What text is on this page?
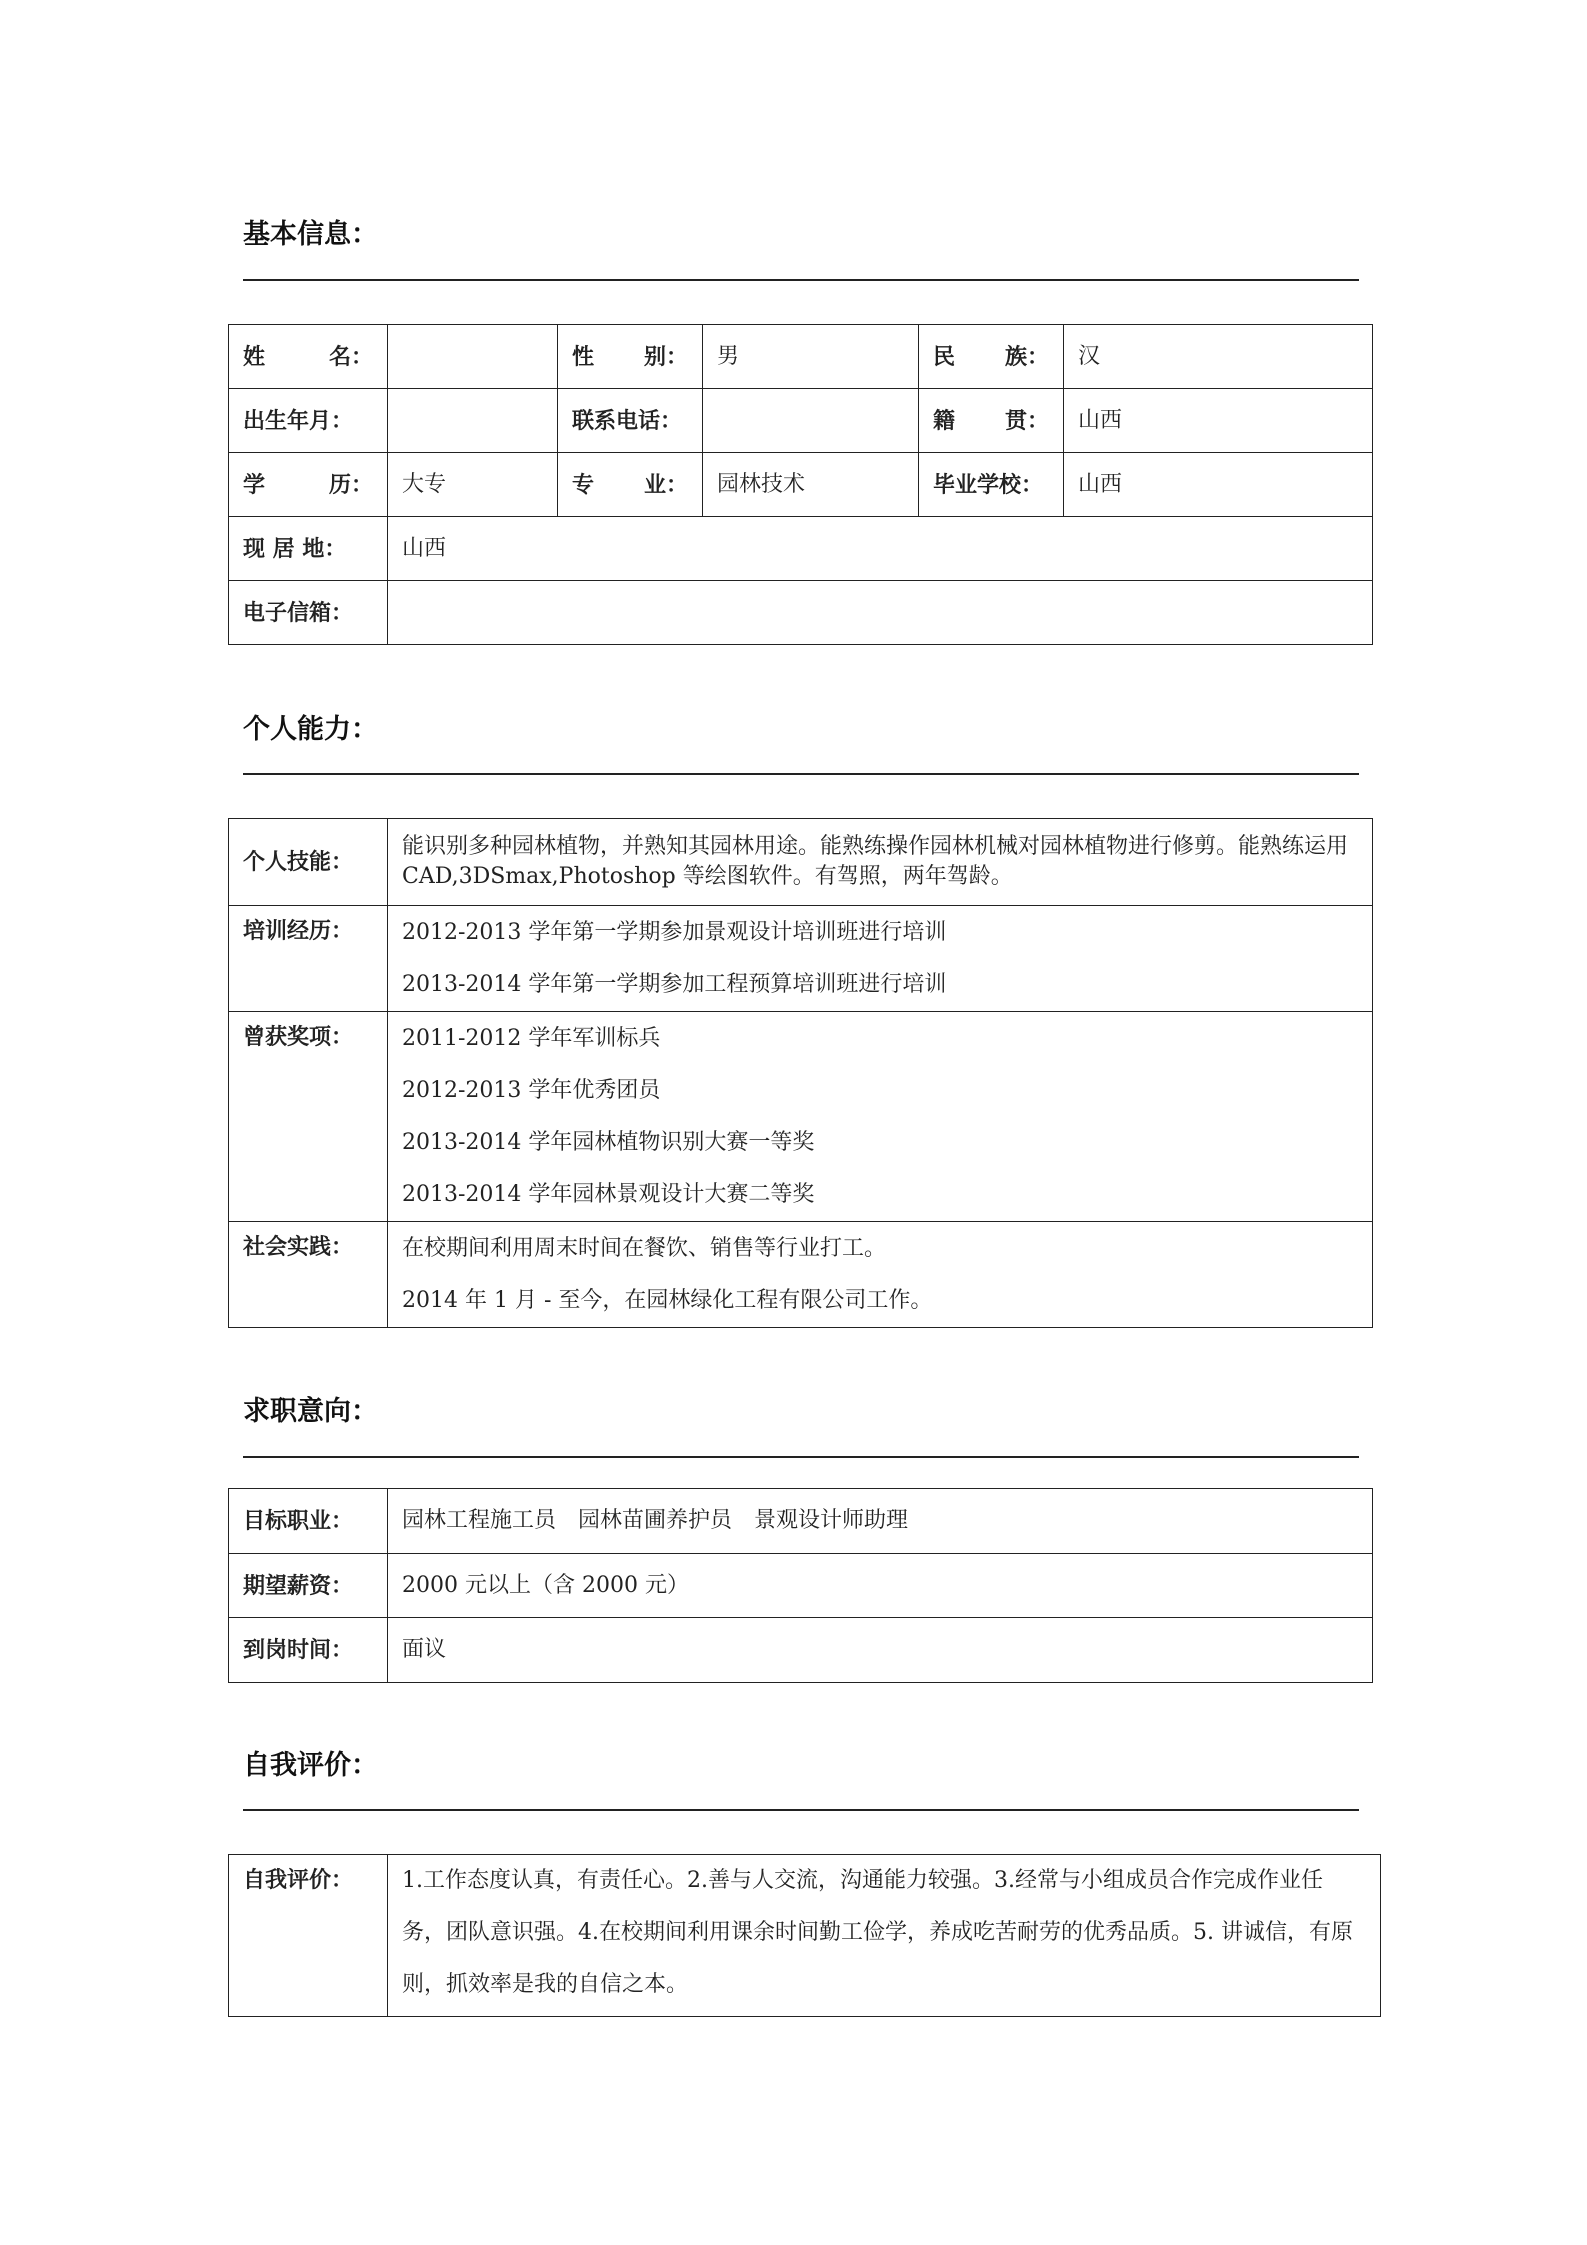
基本信息：
姓 名：		性 别：	男	民 族：	汉
出生年月：		联系电话：		籍 贯：	山西

学 历：	大专	专 业：	园林技术	毕业学校：	山西
现 居 地：	山西				
电子信箱：					
个人能力：
个人技能：	能识别多种园林植物，并熟知其园林用途。能熟练操作园林机械对园林植物进行修剪。能熟练运用 CAD,3DSmax,Photoshop 等绘图软件。有驾照，两年驾龄。
培训经历：	2012-2013 学年第一学期参加景观设计培训班进行培训
2013-2014 学年第一学期参加工程预算培训班进行培训

曾获奖项：	2011-2012 学年军训标兵
2012-2013 学年优秀团员
2013-2014 学年园林植物识别大赛一等奖
2013-2014 学年园林景观设计大赛二等奖

社会实践：	在校期间利用周末时间在餐饮、销售等行业打工。
2014 年 1 月 - 至今，在园林绿化工程有限公司工作。
求职意向：
目标职业：	园林工程施工员　园林苗圃养护员　景观设计师助理
期望薪资：	2000 元以上（含 2000 元）
到岗时间：	面议
自我评价：
自我评价：	1.工作态度认真，有责任心。2.善与人交流，沟通能力较强。3.经常与小组成员合作完成作业任务，团队意识强。4.在校期间利用课余时间勤工俭学，养成吃苦耐劳的优秀品质。5. 讲诚信，有原则，抓效率是我的自信之本。
